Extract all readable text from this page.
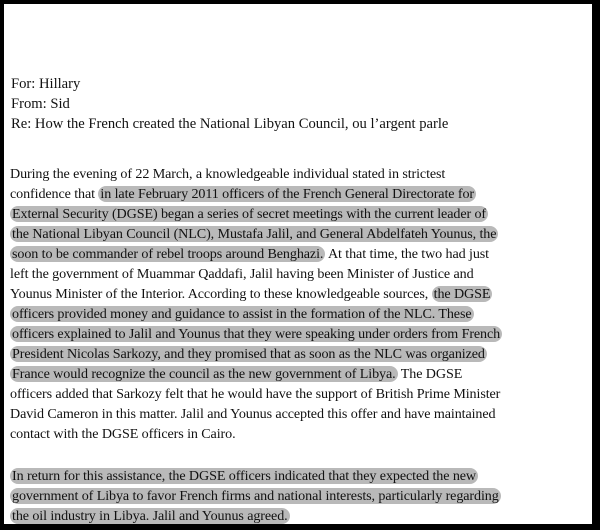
For: Hillary
From: Sid
Re: How the French created the National Libyan Council, ou l’argent parle
During the evening of 22 March, a knowledgeable individual stated in strictest
confidence that in late February 2011 officers of the French General Directorate for
External Security (DGSE) began a series of secret meetings with the current leader of
the National Libyan Council (NLC), Mustafa Jalil, and General Abdelfateh Younus, the
soon to be commander of rebel troops around Benghazi. At that time, the two had just
left the government of Muammar Qaddafi, Jalil having been Minister of Justice and
Younus Minister of the Interior. According to these knowledgeable sources, the DGSE
officers provided money and guidance to assist in the formation of the NLC. These
officers explained to Jalil and Younus that they were speaking under orders from French
President Nicolas Sarkozy, and they promised that as soon as the NLC was organized
France would recognize the council as the new government of Libya. The DGSE
officers added that Sarkozy felt that he would have the support of British Prime Minister
David Cameron in this matter. Jalil and Younus accepted this offer and have maintained
contact with the DGSE officers in Cairo.
In return for this assistance, the DGSE officers indicated that they expected the new
government of Libya to favor French firms and national interests, particularly regarding
the oil industry in Libya. Jalil and Younus agreed.
